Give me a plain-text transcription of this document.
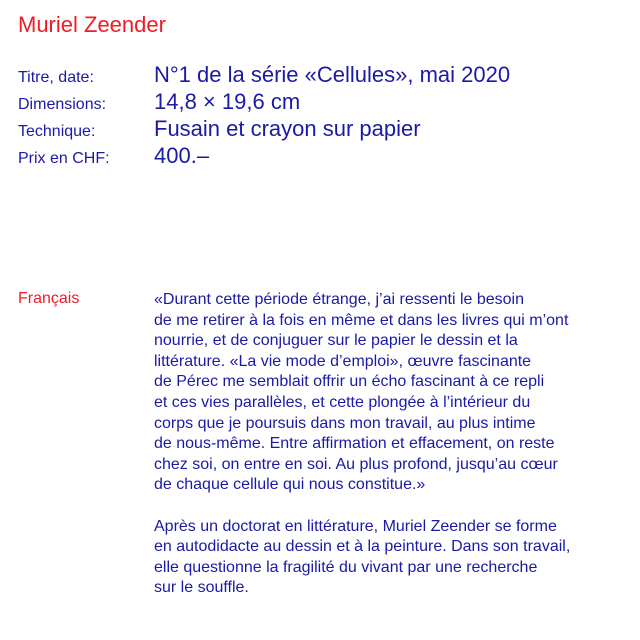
Muriel Zeender
Titre, date:	N°1 de la série «Cellules», mai 2020
Dimensions:	14,8 × 19,6 cm
Technique:	Fusain et crayon sur papier
Prix en CHF:	400.–
Français	«Durant cette période étrange, j’ai ressenti le besoin
de me retirer à la fois en même et dans les livres qui m’ont
nourrie, et de conjuguer sur le papier le dessin et la
littérature. «La vie mode d’emploi», œuvre fascinante
de Pérec me semblait offrir un écho fascinant à ce repli
et ces vies parallèles, et cette plongée à l’intérieur du
corps que je poursuis dans mon travail, au plus intime
de nous-même. Entre affirmation et effacement, on reste
chez soi, on entre en soi. Au plus profond, jusqu’au cœur
de chaque cellule qui nous constitue.»

Après un doctorat en littérature, Muriel Zeender se forme
en autodidacte au dessin et à la peinture. Dans son travail,
elle questionne la fragilité du vivant par une recherche
sur le souffle.
